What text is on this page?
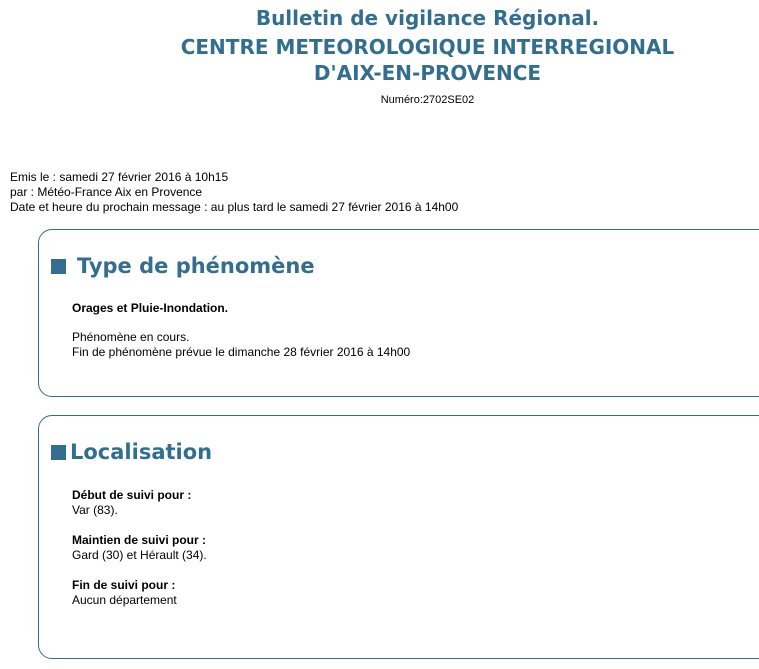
Bulletin de vigilance Régional.
CENTRE METEOROLOGIQUE INTERREGIONAL
D'AIX-EN-PROVENCE
Numéro:2702SE02
Emis le : samedi 27 février 2016 à 10h15
par : Météo-France Aix en Provence
Date et heure du prochain message : au plus tard le samedi 27 février 2016 à 14h00
Type de phénomène
Orages et Pluie-Inondation.
Phénomène en cours.
Fin de phénomène prévue le dimanche 28 février 2016 à 14h00
Localisation
Début de suivi pour :
Var (83).
Maintien de suivi pour :
Gard (30) et Hérault (34).
Fin de suivi pour :
Aucun département
